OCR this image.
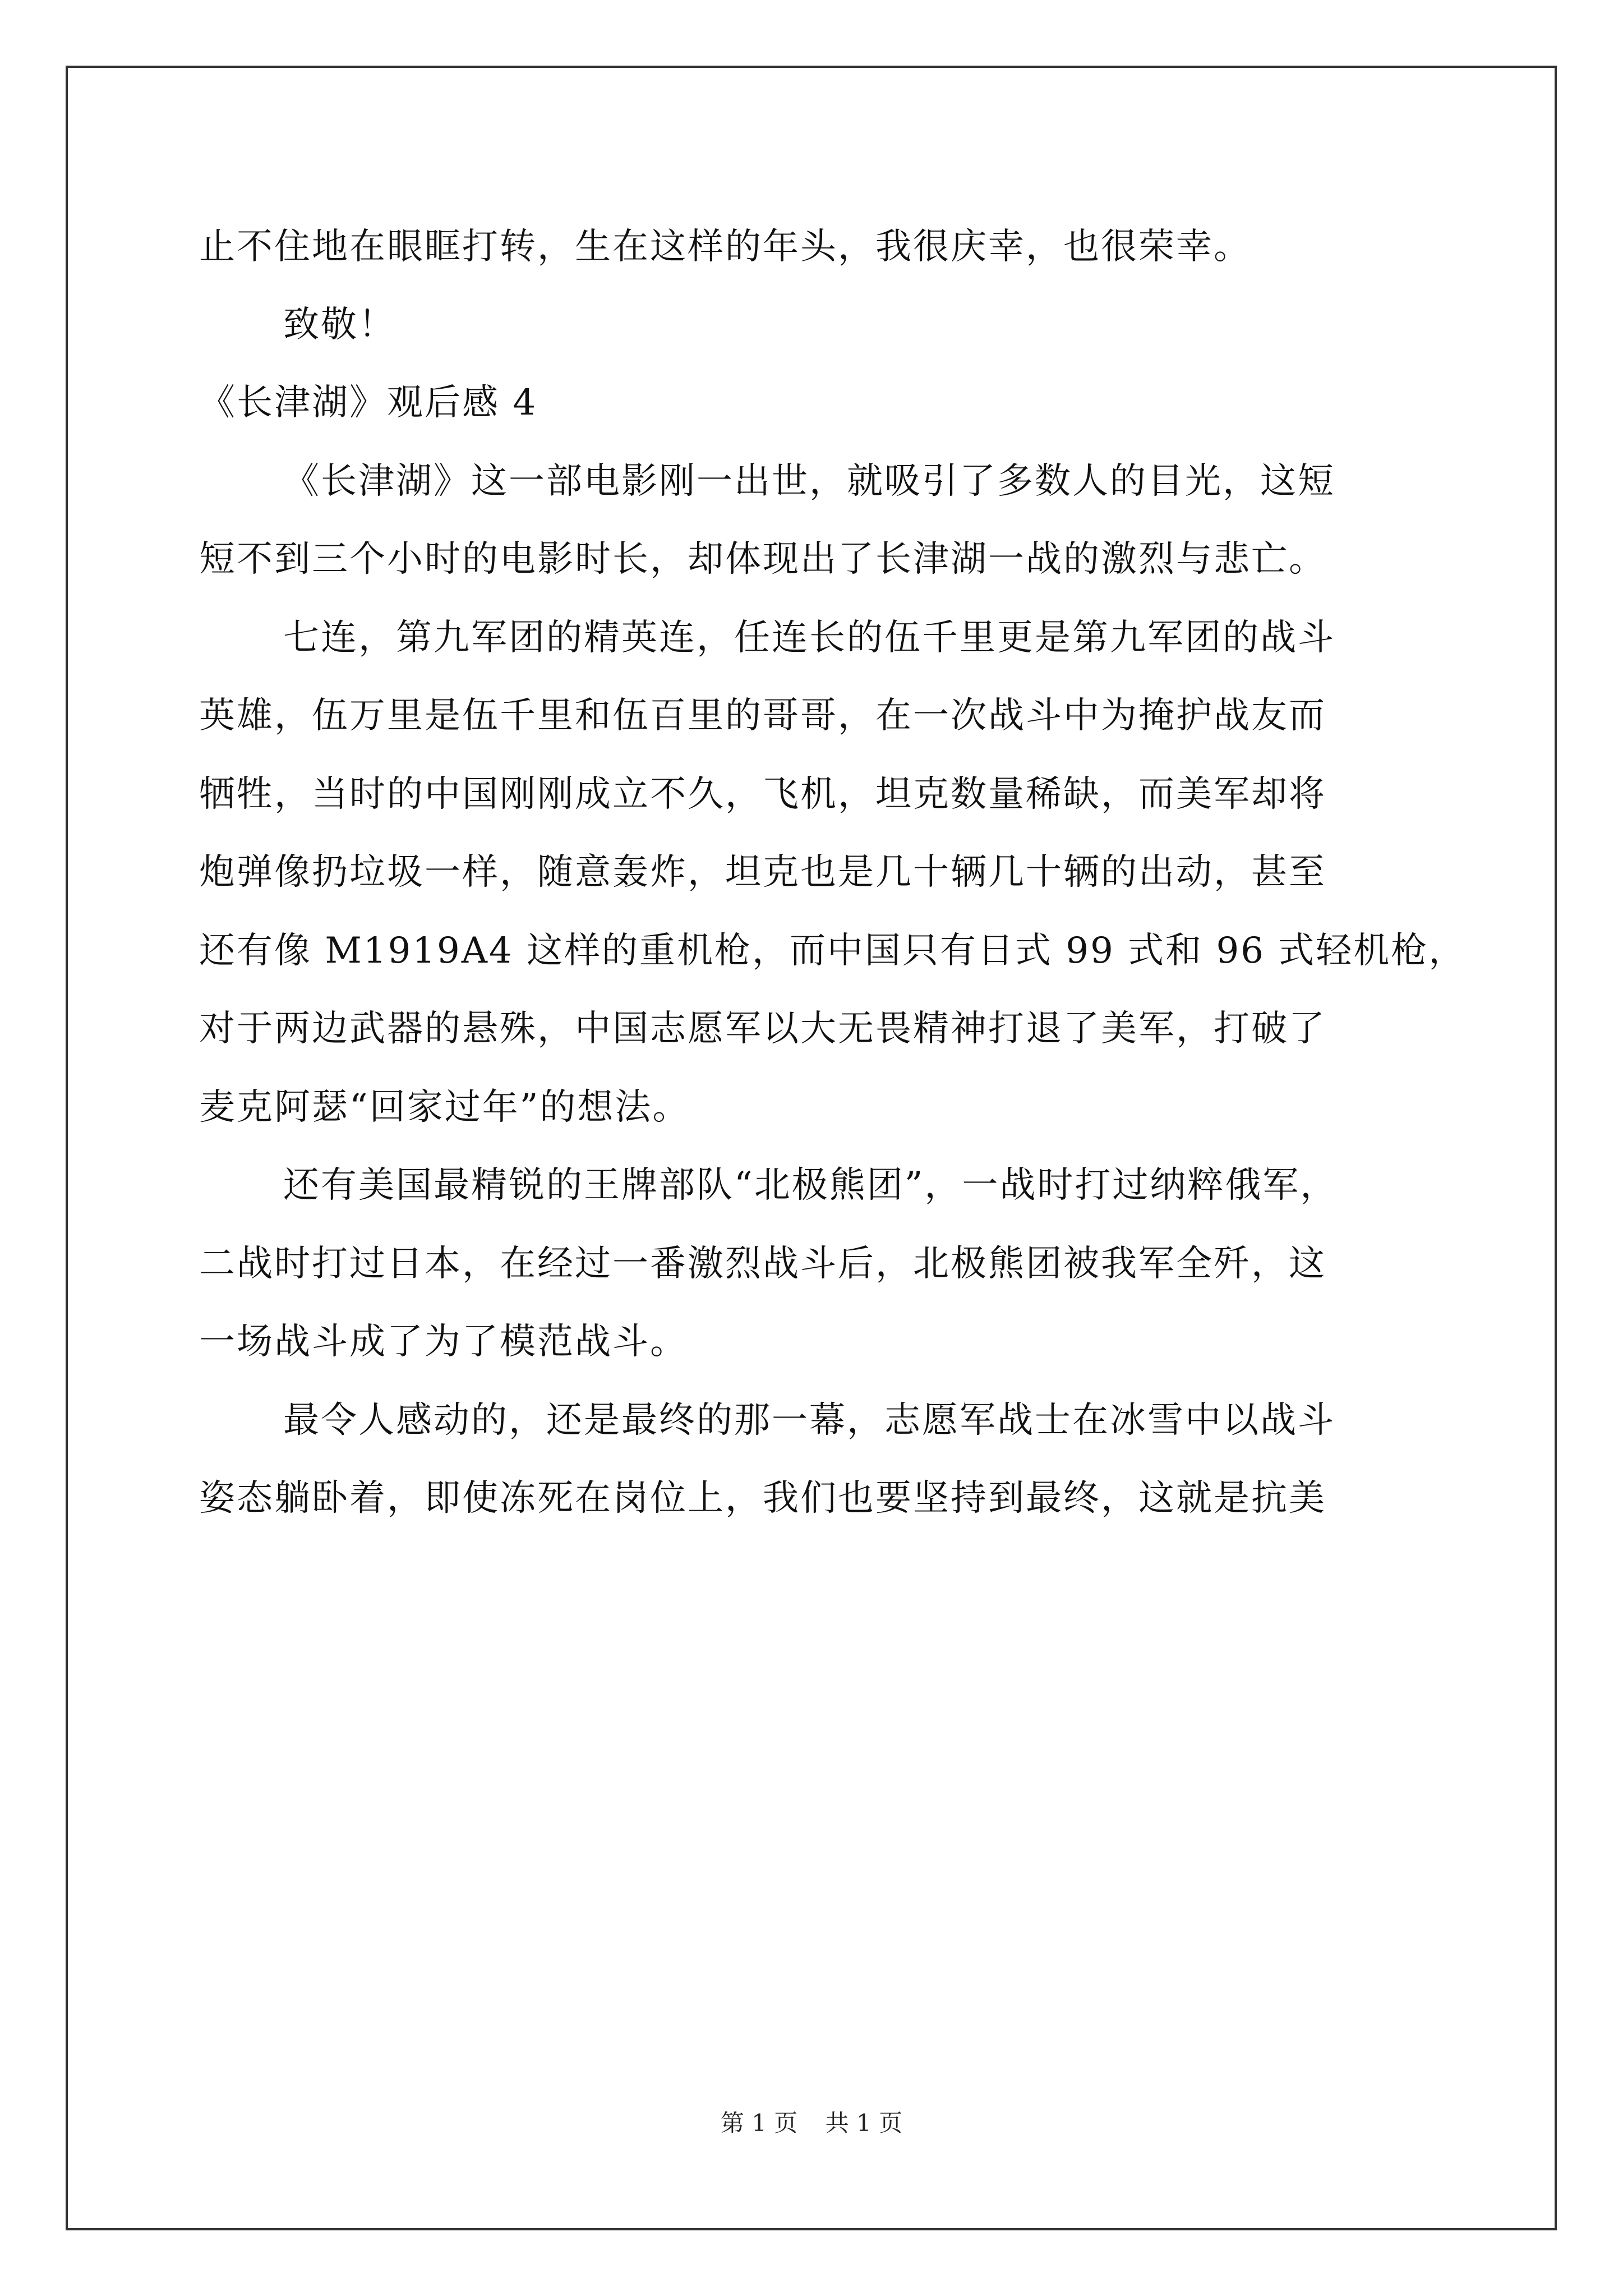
止不住地在眼眶打转，生在这样的年头，我很庆幸，也很荣幸。
致敬！
《长津湖》观后感 4
《长津湖》这一部电影刚一出世，就吸引了多数人的目光，这短
短不到三个小时的电影时长，却体现出了长津湖一战的激烈与悲亡。
七连，第九军团的精英连，任连长的伍千里更是第九军团的战斗
英雄，伍万里是伍千里和伍百里的哥哥，在一次战斗中为掩护战友而
牺牲，当时的中国刚刚成立不久，飞机，坦克数量稀缺，而美军却将
炮弹像扔垃圾一样，随意轰炸，坦克也是几十辆几十辆的出动，甚至
还有像 M1919A4 这样的重机枪，而中国只有日式 99 式和 96 式轻机枪，
对于两边武器的悬殊，中国志愿军以大无畏精神打退了美军，打破了
麦克阿瑟“回家过年”的想法。
还有美国最精锐的王牌部队“北极熊团”，一战时打过纳粹俄军，
二战时打过日本，在经过一番激烈战斗后，北极熊团被我军全歼，这
一场战斗成了为了模范战斗。
最令人感动的，还是最终的那一幕，志愿军战士在冰雪中以战斗
姿态躺卧着，即使冻死在岗位上，我们也要坚持到最终，这就是抗美
第 1 页 共 1 页
